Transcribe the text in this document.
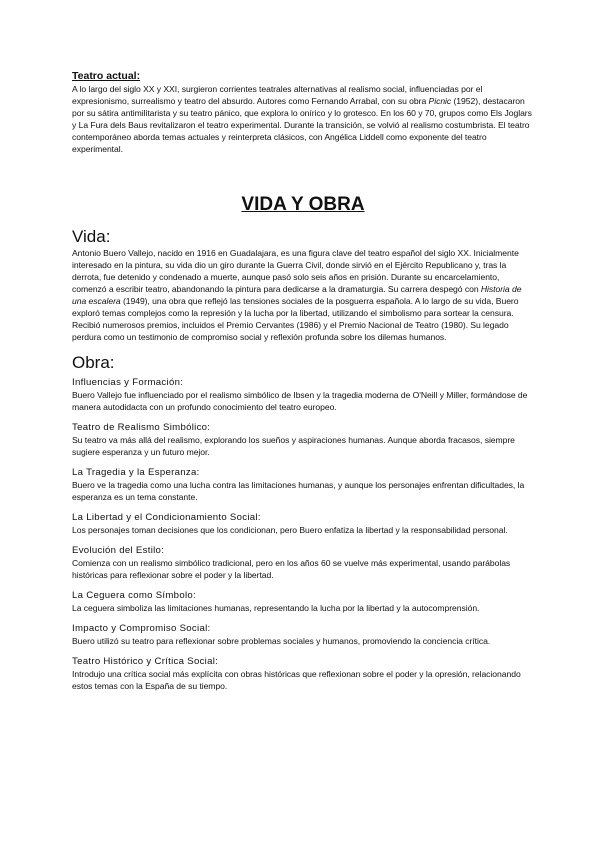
Teatro actual:

A lo largo del siglo XX y XXI, surgieron corrientes teatrales alternativas al realismo social, influenciadas por el expresionismo, surrealismo y teatro del absurdo. Autores como Fernando Arrabal, con su obra Picnic (1952), destacaron por su sátira antimilitarista y su teatro pánico, que explora lo onírico y lo grotesco. En los 60 y 70, grupos como Els Joglars y La Fura dels Baus revitalizaron el teatro experimental. Durante la transición, se volvió al realismo costumbrista. El teatro contemporáneo aborda temas actuales y reinterpreta clásicos, con Angélica Liddell como exponente del teatro experimental.

VIDA Y OBRA
Vida:

Antonio Buero Vallejo, nacido en 1916 en Guadalajara, es una figura clave del teatro español del siglo XX. Inicialmente interesado en la pintura, su vida dio un giro durante la Guerra Civil, donde sirvió en el Ejército Republicano y, tras la derrota, fue detenido y condenado a muerte, aunque pasó solo seis años en prisión. Durante su encarcelamiento, comenzó a escribir teatro, abandonando la pintura para dedicarse a la dramaturgia. Su carrera despegó con Historia de una escalera (1949), una obra que reflejó las tensiones sociales de la posguerra española. A lo largo de su vida, Buero exploró temas complejos como la represión y la lucha por la libertad, utilizando el simbolismo para sortear la censura. Recibió numerosos premios, incluidos el Premio Cervantes (1986) y el Premio Nacional de Teatro (1980). Su legado perdura como un testimonio de compromiso social y reflexión profunda sobre los dilemas humanos.

Obra:

Influencias y Formación:

Buero Vallejo fue influenciado por el realismo simbólico de Ibsen y la tragedia moderna de O'Neill y Miller, formándose de manera autodidacta con un profundo conocimiento del teatro europeo.

Teatro de Realismo Simbólico:

Su teatro va más allá del realismo, explorando los sueños y aspiraciones humanas. Aunque aborda fracasos, siempre sugiere esperanza y un futuro mejor.

La Tragedia y la Esperanza:

Buero ve la tragedia como una lucha contra las limitaciones humanas, y aunque los personajes enfrentan dificultades, la esperanza es un tema constante.

La Libertad y el Condicionamiento Social:

Los personajes toman decisiones que los condicionan, pero Buero enfatiza la libertad y la responsabilidad personal.

Evolución del Estilo:

Comienza con un realismo simbólico tradicional, pero en los años 60 se vuelve más experimental, usando parábolas históricas para reflexionar sobre el poder y la libertad.

La Ceguera como Símbolo:

La ceguera simboliza las limitaciones humanas, representando la lucha por la libertad y la autocomprensión.

Impacto y Compromiso Social:

Buero utilizó su teatro para reflexionar sobre problemas sociales y humanos, promoviendo la conciencia crítica.

Teatro Histórico y Crítica Social:

Introdujo una crítica social más explícita con obras históricas que reflexionan sobre el poder y la opresión, relacionando estos temas con la España de su tiempo.
